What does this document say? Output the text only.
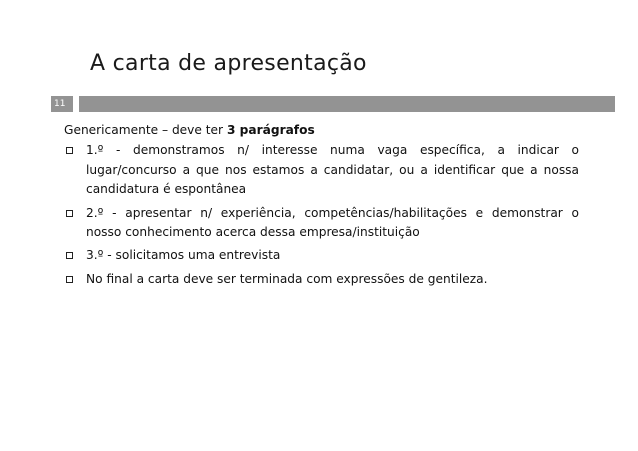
A carta de apresentação
11

Genericamente – deve ter 3 parágrafos

1.º - demonstramos n/ interesse numa vaga específica, a indicar o lugar/concurso a que nos estamos a candidatar, ou a identificar que a nossa candidatura é espontânea
2.º - apresentar n/ experiência, competências/habilitações e demonstrar o nosso conhecimento acerca dessa empresa/instituição
3.º - solicitamos uma entrevista
No final a carta deve ser terminada com expressões de gentileza.
